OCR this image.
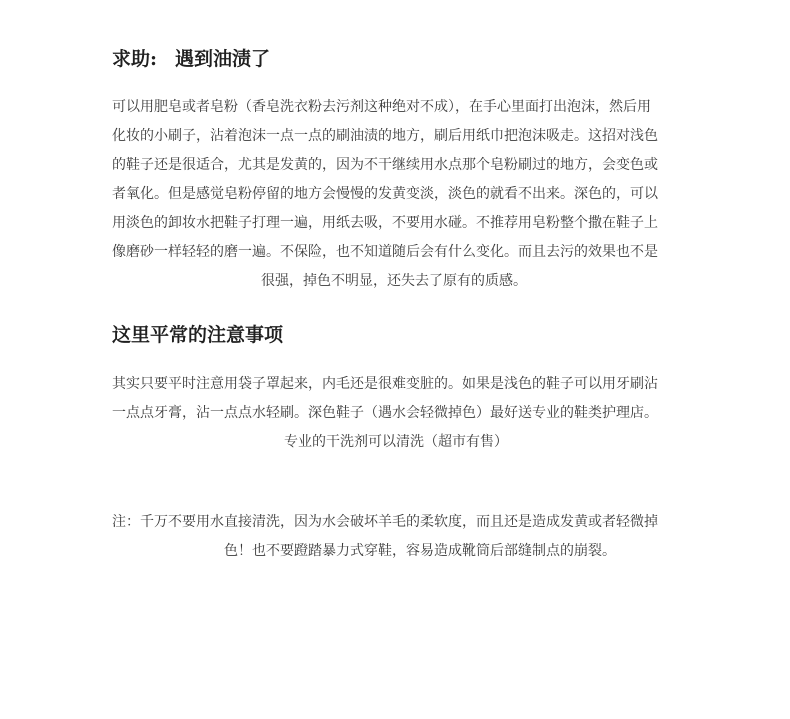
求助: 遇到油渍了
可以用肥皂或者皂粉（香皂洗衣粉去污剂这种绝对不成），在手心里面打出泡沫，然后用
化妆的小刷子，沾着泡沫一点一点的刷油渍的地方，刷后用纸巾把泡沫吸走。这招对浅色
的鞋子还是很适合，尤其是发黄的，因为不干继续用水点那个皂粉刷过的地方，会变色或
者氧化。但是感觉皂粉停留的地方会慢慢的发黄变淡，淡色的就看不出来。深色的，可以
用淡色的卸妆水把鞋子打理一遍，用纸去吸，不要用水碰。不推荐用皂粉整个撒在鞋子上
像磨砂一样轻轻的磨一遍。不保险，也不知道随后会有什么变化。而且去污的效果也不是
很强，掉色不明显，还失去了原有的质感。
这里平常的注意事项
其实只要平时注意用袋子罩起来，内毛还是很难变脏的。如果是浅色的鞋子可以用牙刷沾
一点点牙膏，沾一点点水轻刷。深色鞋子（遇水会轻微掉色）最好送专业的鞋类护理店。
专业的干洗剂可以清洗（超市有售）
注：千万不要用水直接清洗，因为水会破坏羊毛的柔软度，而且还是造成发黄或者轻微掉
色！也不要蹬踏暴力式穿鞋，容易造成靴筒后部缝制点的崩裂。
